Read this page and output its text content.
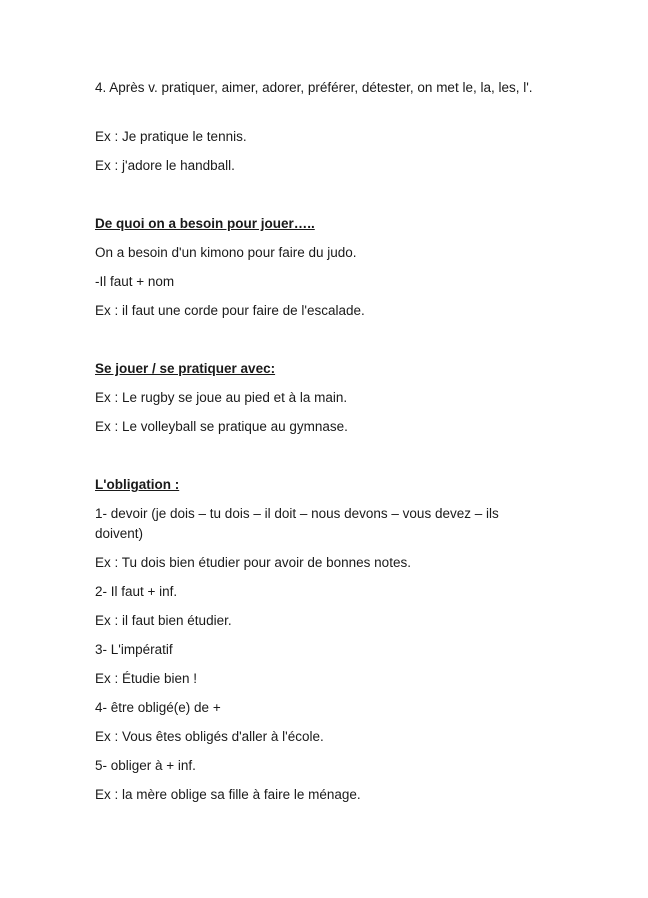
4. Après v. pratiquer, aimer, adorer, préférer, détester, on met le, la, les, l'.
Ex : Je pratique le tennis.
Ex : j'adore le handball.
De quoi on a besoin pour jouer…..
On a besoin d'un kimono pour faire du judo.
-Il faut + nom
Ex : il faut une corde pour faire de l'escalade.
Se jouer / se pratiquer avec:
Ex : Le rugby se joue au pied et à la main.
Ex : Le volleyball se pratique au gymnase.
L'obligation :
1- devoir (je dois – tu dois – il doit – nous devons – vous devez – ils doivent)
Ex : Tu dois bien étudier pour avoir de bonnes notes.
2- Il faut + inf.
Ex : il faut bien étudier.
3- L'impératif
Ex : Étudie bien !
4- être obligé(e) de +
Ex : Vous êtes obligés d'aller à l'école.
5- obliger à + inf.
Ex : la mère oblige sa fille à faire le ménage.
